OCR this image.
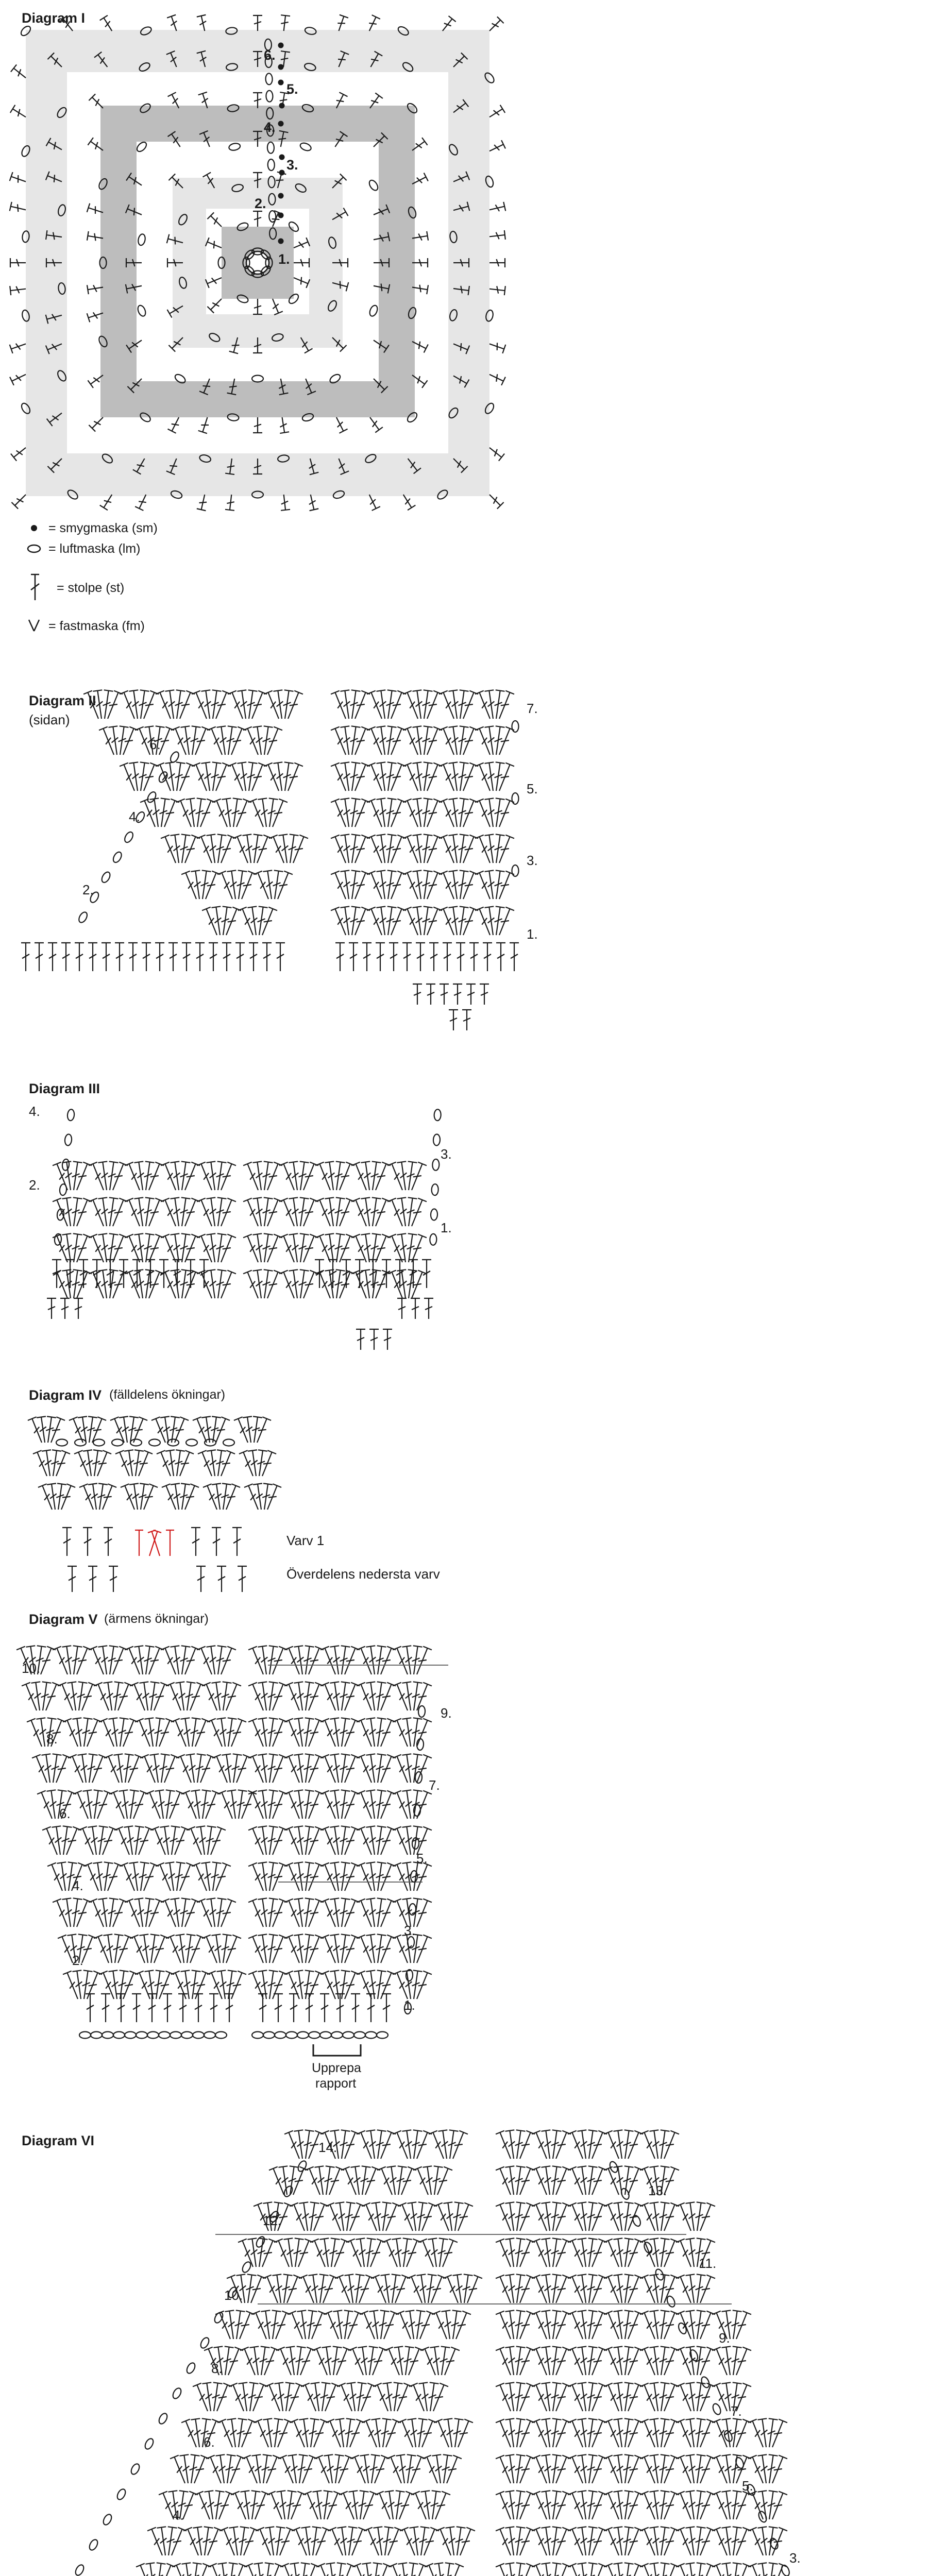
Diagram I
1.
2.
3.
4.
5.
6.
= smygmaska (sm)
= luftmaska (lm)
= stolpe (st)
= fastmaska (fm)
Diagram II
(sidan)
2.
4.
6.
1.
3.
5.
7.
Diagram III
2.
4.
1.
3.
Diagram IV (fälldelens ökningar)
Varv 1
Överdelens nedersta varv
Diagram V (ärmens ökningar)
2.
4.
6.
8.
10.
1.
3.
5.
7.
9.
Upprepa
rapport
Diagram VI
4.
6.
8.
10.
12.
14.
3.
5.
7.
9.
11.
13.
